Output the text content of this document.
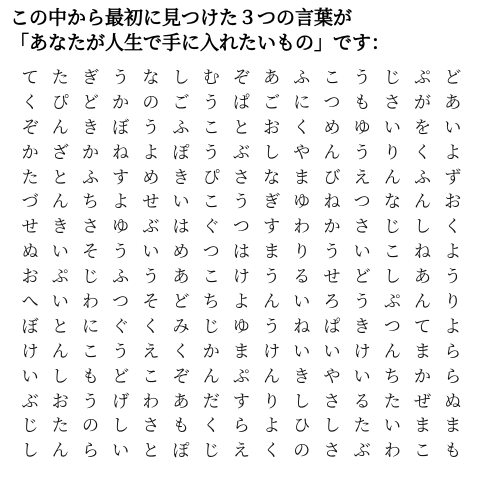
この中から最初に見つけた３つの言葉が
「あなたが人生で手に入れたいもの」です：
て た ぎ う な し む ぞ あ ふ こ う じ ぷ ど
く ぴ ど か の ご う ぱ ご に つ も さ が あ
ぞ ん き ぼ う ふ こ と お く め ゆ い を い
か ざ か ね よ ぽ う ぶ し や ん う り く よ
た と ふ す め き ぴ さ な ま び え ん ふ ず
づ ん ち よ せ い こ う ぎ ゆ ね つ な ん お
せ き さ ゆ ぶ は ぐ つ す わ か さ じ し く
ぬ い そ う い め つ は ま り う い こ ね よ
お ぷ じ ふ う あ こ け う る せ ど し あ う
へ い わ つ そ ど ち よ ん い ろ う ぷ ん り
ぼ と に ぐ く み じ ゆ う ね ぱ き つ て よ
け ん こ う え く か ま け い い け ん ま ら
い し も ど こ ぞ ん ぷ ん き や い ち か ら
ぶ お う げ わ あ だ す り し さ る た ぜ ぬ
じ た の し さ も く ら よ ひ し た い ま ま
し ん ら い と ぽ じ え く の さ ぶ わ こ も
